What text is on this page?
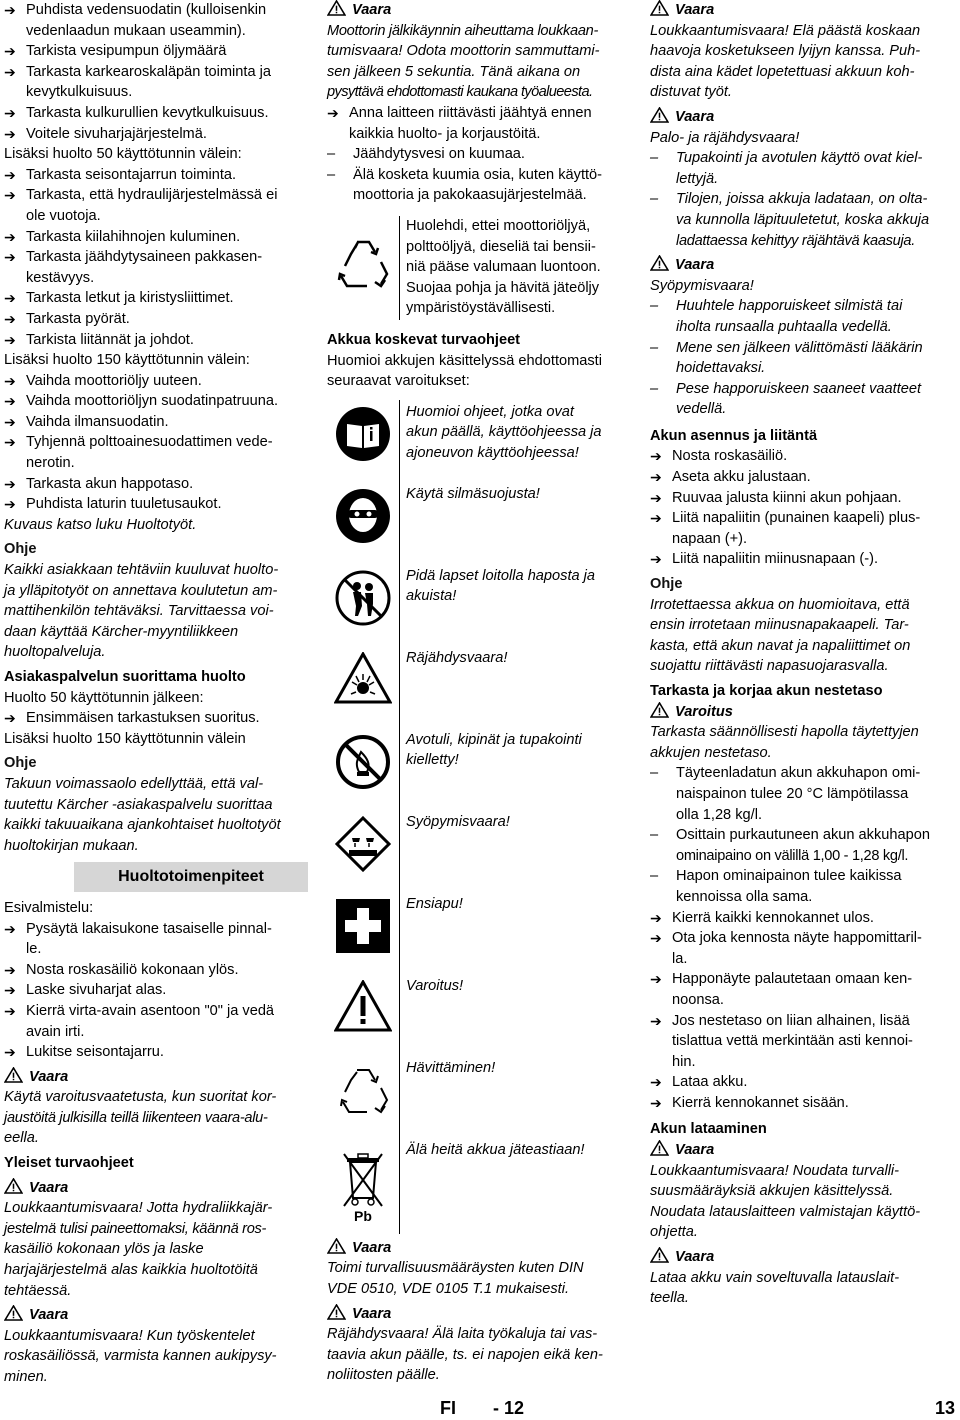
➔ Puhdista vedensuodatin (kulloisenkin
vedenlaadun mukaan useammin).
➔ Tarkista vesipumpun öljymäärä
➔ Tarkasta karkearoskaläpän toiminta ja
kevytkulkuisuus.
➔ Tarkasta kulkurullien kevytkulkuisuus.
➔ Voitele sivuharjajärjestelmä.
Lisäksi huolto 50 käyttötunnin välein:
➔ Tarkasta seisontajarrun toiminta.
➔ Tarkasta, että hydraulijärjestelmässä ei
ole vuotoja.
➔ Tarkasta kiilahihnojen kuluminen.
➔ Tarkasta jäähdytysaineen pakkasen-
kestävyys.
➔ Tarkasta letkut ja kiristysliittimet.
➔ Tarkasta pyörät.
➔ Tarkista liitännät ja johdot.
Lisäksi huolto 150 käyttötunnin välein:
➔ Vaihda moottoriöljy uuteen.
➔ Vaihda moottoriöljyn suodatinpatruuna.
➔ Vaihda ilmansuodatin.
➔ Tyhjennä polttoainesuodattimen vede-
nerotin.
➔ Tarkasta akun happotaso.
➔ Puhdista laturin tuuletusaukot.
Kuvaus katso luku Huoltotyöt.
Ohje
Kaikki asiakkaan tehtäviin kuuluvat huolto-
ja ylläpitotyöt on annettava koulutetun am-
mattihenkilön tehtäväksi. Tarvittaessa voi-
daan käyttää Kärcher-myyntiliikkeen
huoltopalveluja.
Asiakaspalvelun suorittama huolto
Huolto 50 käyttötunnin jälkeen:
➔ Ensimmäisen tarkastuksen suoritus.
Lisäksi huolto 150 käyttötunnin välein
Ohje
Takuun voimassaolo edellyttää, että val-
tuutettu Kärcher -asiakaspalvelu suorittaa
kaikki takuuaikana ajankohtaiset huoltotyöt
huoltokirjan mukaan.
Huoltotoimenpiteet
Esivalmistelu:
➔ Pysäytä lakaisukone tasaiselle pinnal-
le.
➔ Nosta roskasäiliö kokonaan ylös.
➔ Laske sivuharjat alas.
➔ Kierrä virta-avain asentoon "0" ja vedä
avain irti.
➔ Lukitse seisontajarru.
Vaara
Käytä varoitusvaatetusta, kun suoritat kor-
jaustöitä julkisilla teillä liikenteen vaara-alu-
eella.
Yleiset turvaohjeet
Vaara
Loukkaantumisvaara! Jotta hydraliikkajär-
jestelmä tulisi paineettomaksi, käännä ros-
kasäiliö kokonaan ylös ja laske
harjajärjestelmä alas kaikkia huoltotöitä
tehtäessä.
Vaara
Loukkaantumisvaara! Kun työskentelet
roskasäiliössä, varmista kannen aukipysy-
minen.
Vaara
Moottorin jälkikäynnin aiheuttama loukkaan-
tumisvaara! Odota moottorin sammuttami-
sen jälkeen 5 sekuntia. Tänä aikana on
pysyttävä ehdottomasti kaukana työalueesta.
➔ Anna laitteen riittävästi jäähtyä ennen
kaikkia huolto- ja korjaustöitä.
– Jäähdytysvesi on kuumaa.
– Älä kosketa kuumia osia, kuten käyttö-
moottoria ja pakokaasujärjestelmää.
Huolehdi, ettei moottoriöljyä,
polttoöljyä, dieseliä tai bensii-
niä pääse valumaan luontoon.
Suojaa pohja ja hävitä jäteöljy
ympäristöystävällisesti.
Akkua koskevat turvaohjeet
Huomioi akkujen käsittelyssä ehdottomasti
seuraavat varoitukset:
Huomioi ohjeet, jotka ovat
akun päällä, käyttöohjeessa ja
ajoneuvon käyttöohjeessa!
Käytä silmäsuojusta!
Pidä lapset loitolla haposta ja
akuista!
Räjähdysvaara!
Avotuli, kipinät ja tupakointi
kielletty!
Syöpymisvaara!
Ensiapu!
Varoitus!
Hävittäminen!
Pb
Älä heitä akkua jäteastiaan!
Vaara
Toimi turvallisuusmääräysten kuten DIN
VDE 0510, VDE 0105 T.1 mukaisesti.
Vaara
Räjähdysvaara! Älä laita työkaluja tai vas-
taavia akun päälle, ts. ei napojen eikä ken-
noliitosten päälle.
Vaara
Loukkaantumisvaara! Elä päästä koskaan
haavoja kosketukseen lyijyn kanssa. Puh-
dista aina kädet lopetettuasi akkuun koh-
distuvat työt.
Vaara
Palo- ja räjähdysvaara!
– Tupakointi ja avotulen käyttö ovat kiel-
lettyjä.
– Tilojen, joissa akkuja ladataan, on olta-
va kunnolla läpituuletetut, koska akkuja
ladattaessa kehittyy räjähtävä kaasuja.
Vaara
Syöpymisvaara!
– Huuhtele happoruiskeet silmistä tai
iholta runsaalla puhtaalla vedellä.
– Mene sen jälkeen välittömästi lääkärin
hoidettavaksi.
– Pese happoruiskeen saaneet vaatteet
vedellä.
Akun asennus ja liitäntä
➔ Nosta roskasäiliö.
➔ Aseta akku jalustaan.
➔ Ruuvaa jalusta kiinni akun pohjaan.
➔ Liitä napaliitin (punainen kaapeli) plus-
napaan (+).
➔ Liitä napaliitin miinusnapaan (-).
Ohje
Irrotettaessa akkua on huomioitava, että
ensin irrotetaan miinusnapakaapeli. Tar-
kasta, että akun navat ja napaliittimet on
suojattu riittävästi napasuojarasvalla.
Tarkasta ja korjaa akun nestetaso
Varoitus
Tarkasta säännöllisesti hapolla täytettyjen
akkujen nestetaso.
– Täyteenladatun akun akkuhapon omi-
naispainon tulee 20 °C lämpötilassa
olla 1,28 kg/l.
– Osittain purkautuneen akun akkuhapon
ominaipaino on välillä 1,00 - 1,28 kg/l.
– Hapon ominaipainon tulee kaikissa
kennoissa olla sama.
➔ Kierrä kaikki kennokannet ulos.
➔ Ota joka kennosta näyte happomittaril-
la.
➔ Happonäyte palautetaan omaan ken-
noonsa.
➔ Jos nestetaso on liian alhainen, lisää
tislattua vettä merkintään asti kennoi-
hin.
➔ Lataa akku.
➔ Kierrä kennokannet sisään.
Akun lataaminen
Vaara
Loukkaantumisvaara! Noudata turvalli-
suusmääräyksiä akkujen käsittelyssä.
Noudata latauslaitteen valmistajan käyttö-
ohjetta.
Vaara
Lataa akku vain soveltuvalla latauslait-
teella.
FI - 12	13
